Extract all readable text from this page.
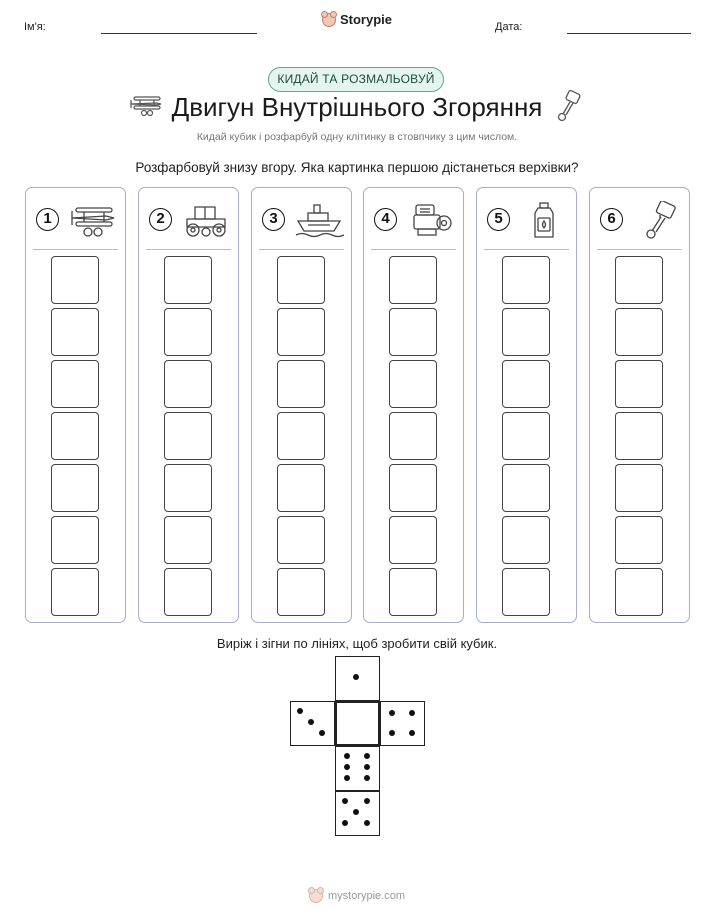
Ім'я:	Storypie	Дата:
КИДАЙ ТА РОЗМАЛЬОВУЙ
Двигун Внутрішнього Згоряння
Кидай кубик і розфарбуй одну клітинку в стовпчику з цим числом.
Розфарбовуй знизу вгору. Яка картинка першою дістанеться верхівки?
1	2	3	4	5	6
Виріж і зігни по лініях, щоб зробити свій кубик.
mystorypie.com
